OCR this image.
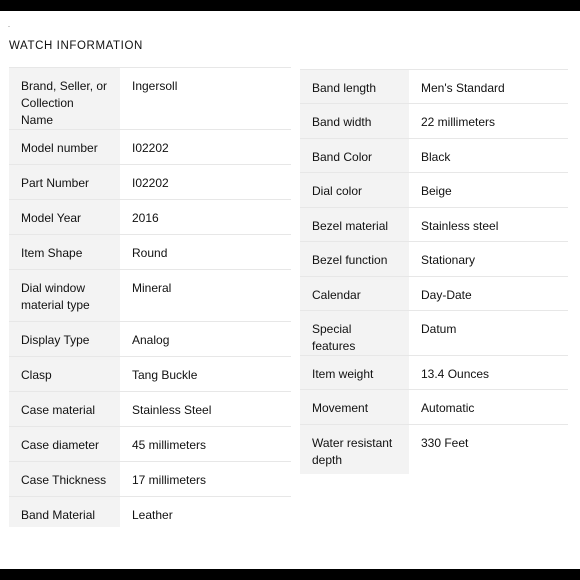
WATCH INFORMATION
Brand, Seller, or Collection Name	Ingersoll
Model number	I02202
Part Number	I02202
Model Year	2016
Item Shape	Round
Dial window material type	Mineral
Display Type	Analog
Clasp	Tang Buckle
Case material	Stainless Steel
Case diameter	45 millimeters
Case Thickness	17 millimeters
Band Material	Leather
Band length	Men's Standard
Band width	22 millimeters
Band Color	Black
Dial color	Beige
Bezel material	Stainless steel
Bezel function	Stationary
Calendar	Day-Date
Special features	Datum
Item weight	13.4 Ounces
Movement	Automatic
Water resistant depth	330 Feet
